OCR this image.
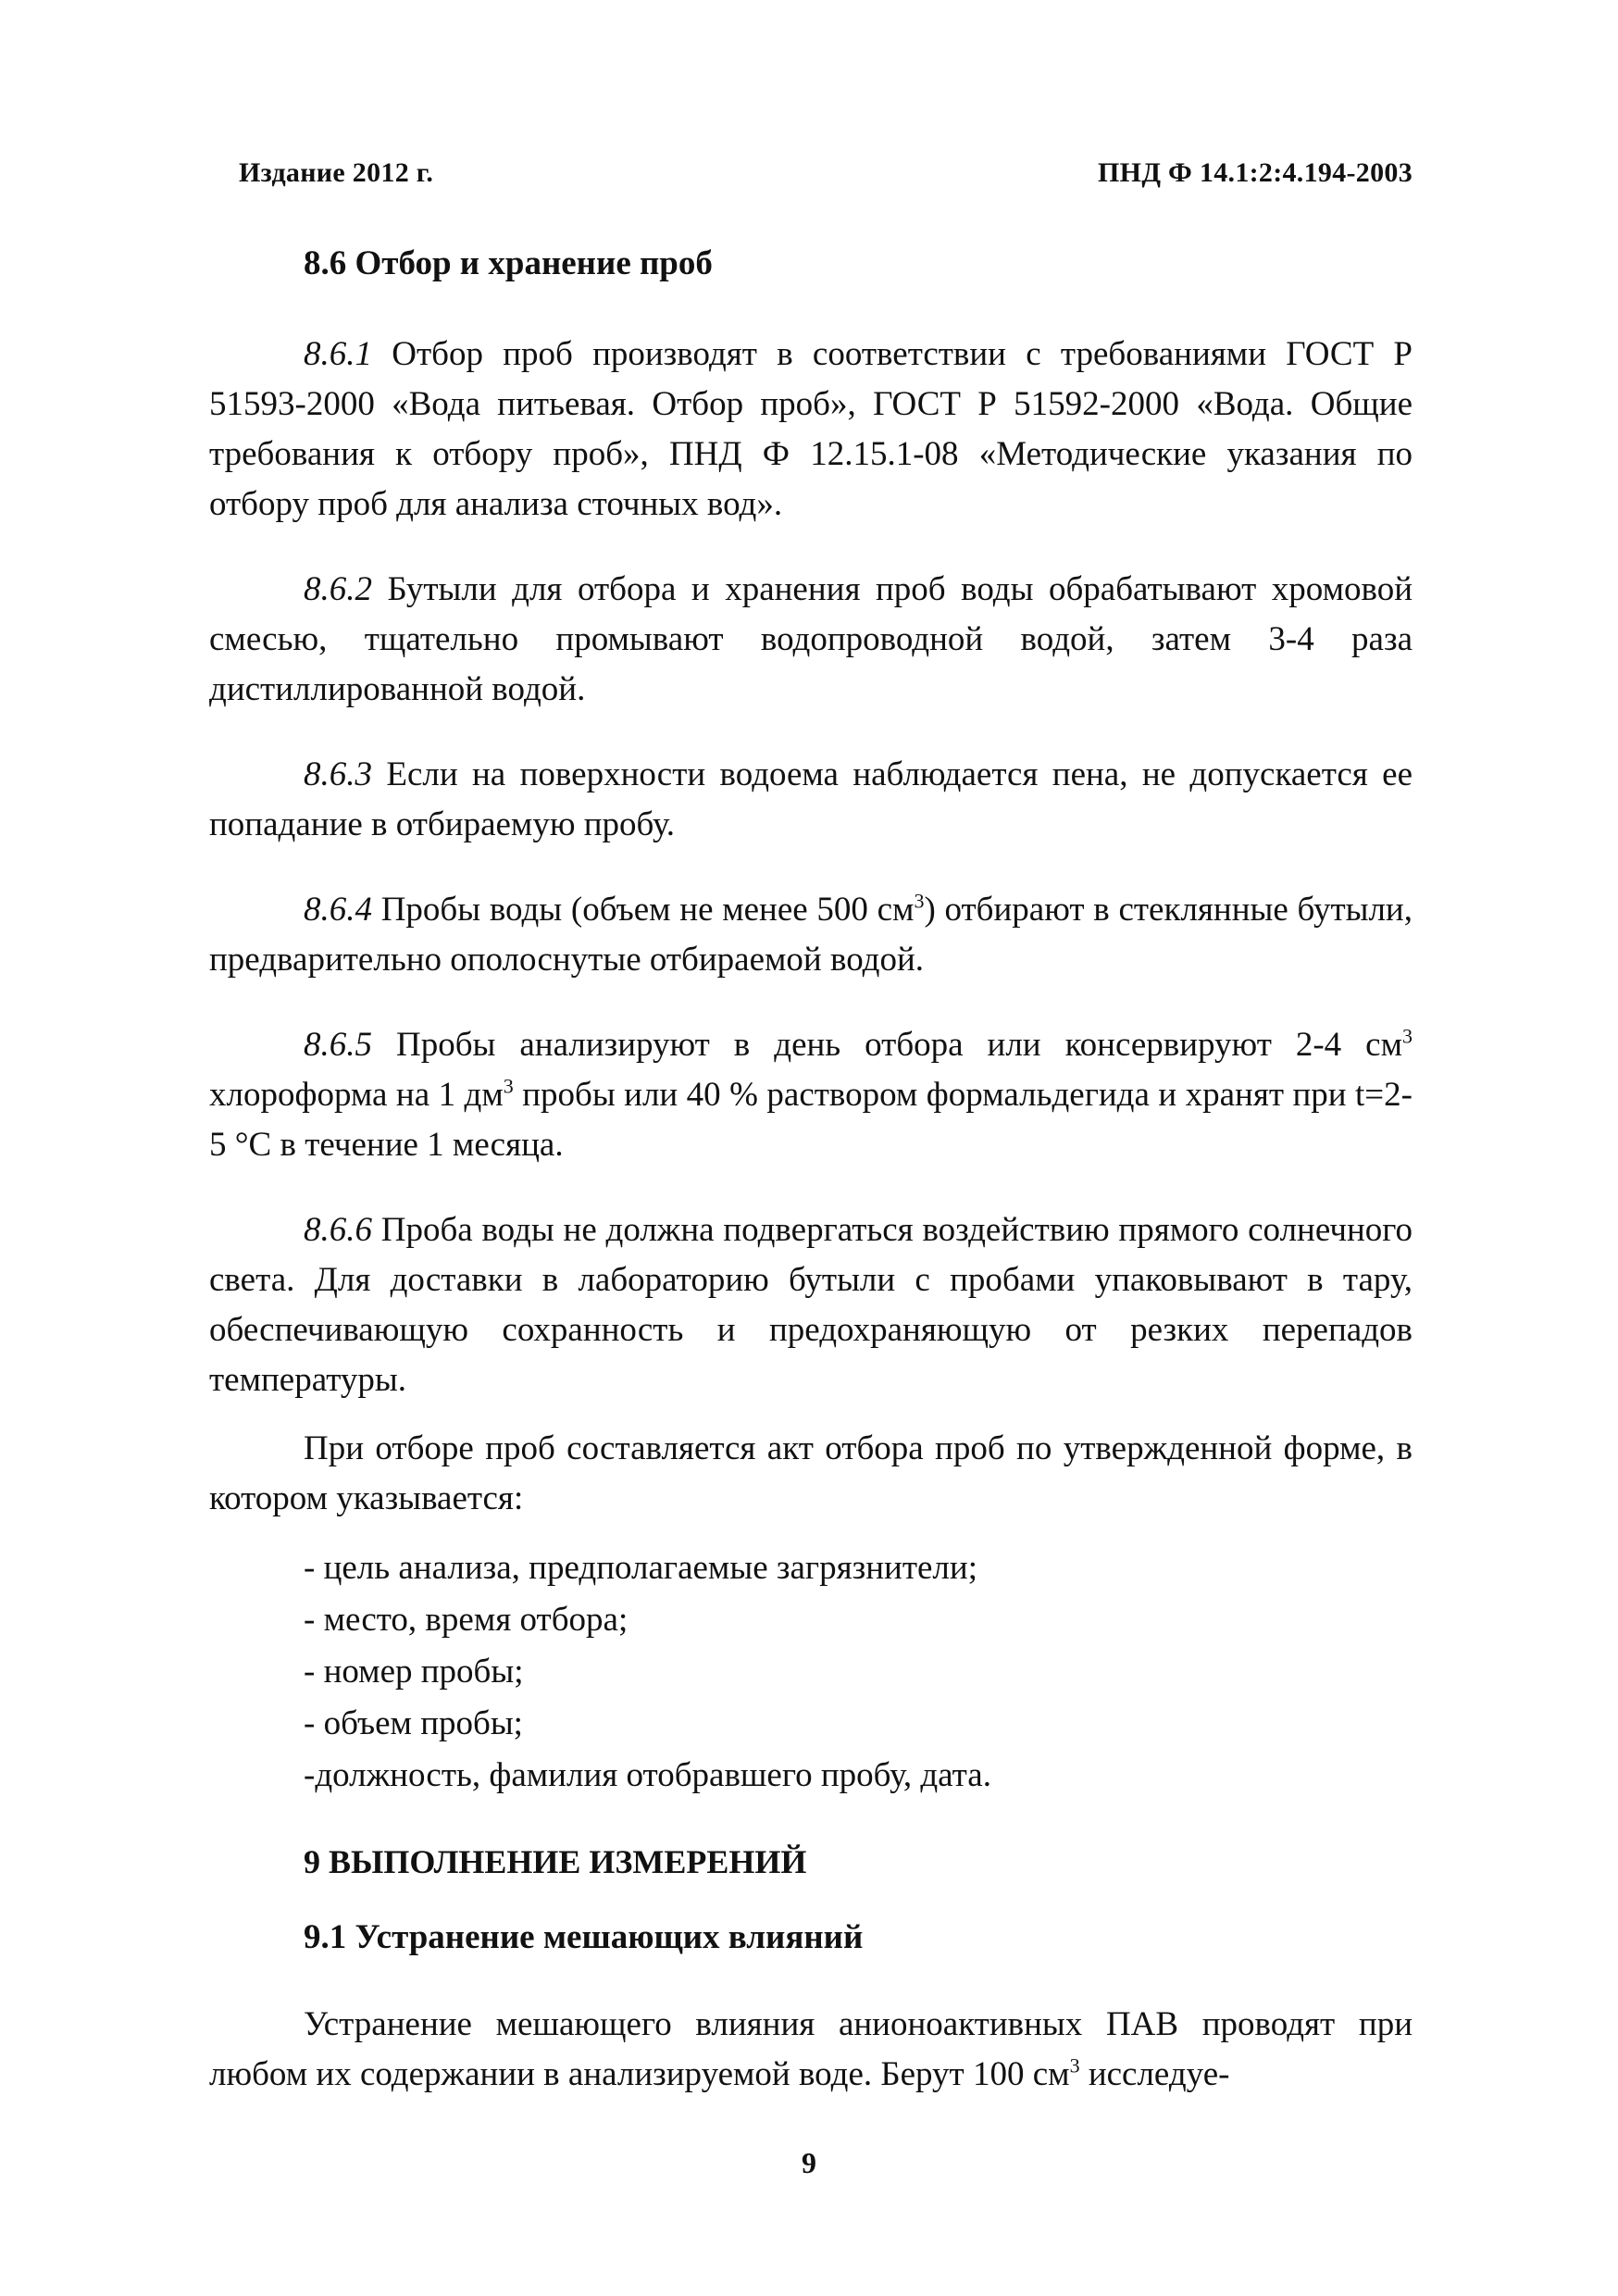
Издание 2012 г.	ПНД Ф 14.1:2:4.194-2003
8.6 Отбор и хранение проб
8.6.1 Отбор проб производят в соответствии с требованиями ГОСТ Р 51593-2000 «Вода питьевая. Отбор проб», ГОСТ Р 51592-2000 «Вода. Общие требования к отбору проб», ПНД Ф 12.15.1-08 «Методические указания по отбору проб для анализа сточных вод».
8.6.2 Бутыли для отбора и хранения проб воды обрабатывают хромовой смесью, тщательно промывают водопроводной водой, затем 3-4 раза дистиллированной водой.
8.6.3 Если на поверхности водоема наблюдается пена, не допускается ее попадание в отбираемую пробу.
8.6.4 Пробы воды (объем не менее 500 $см^3$) отбирают в стеклянные бутыли, предварительно ополоснутые отбираемой водой.
8.6.5 Пробы анализируют в день отбора или консервируют 2-4 $см^3$ хлороформа на 1 $дм^3$ пробы или 40 % раствором формальдегида и хранят при t=2-5 °С в течение 1 месяца.
8.6.6 Проба воды не должна подвергаться воздействию прямого солнечного света. Для доставки в лабораторию бутыли с пробами упаковывают в тару, обеспечивающую сохранность и предохраняющую от резких перепадов температуры.
При отборе проб составляется акт отбора проб по утвержденной форме, в котором указывается:
- цель анализа, предполагаемые загрязнители;
- место, время отбора;
- номер пробы;
- объем пробы;
-должность, фамилия отобравшего пробу, дата.
9 ВЫПОЛНЕНИЕ ИЗМЕРЕНИЙ
9.1 Устранение мешающих влияний
Устранение мешающего влияния анионоактивных ПАВ проводят при любом их содержании в анализируемой воде. Берут 100 $см^3$ исследуе-
9
